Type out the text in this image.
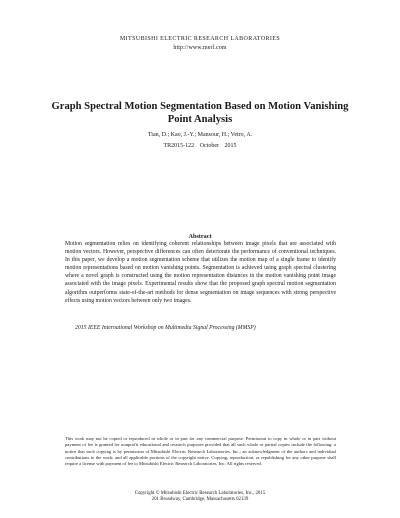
MITSUBISHI ELECTRIC RESEARCH LABORATORIES
http://www.merl.com
Graph Spectral Motion Segmentation Based on Motion Vanishing Point Analysis
Tian, D.; Kao, J.-Y.; Mansour, H.; Vetro, A.
TR2015-122 October 2015
Abstract

Motion segmentation relies on identifying coherent relationships between image pixels that are associated with motion vectors. However, perspective differences can often deteriorate the performance of conventional techniques. In this paper, we develop a motion segmentation scheme that utilizes the motion map of a single frame to identify motion representations based on motion vanishing points. Segmentation is achieved using graph spectral clustering where a novel graph is constructed using the motion representation distances in the motion vanishing point image associated with the image pixels. Experimental results show that the proposed graph spectral motion segmentation algorithm outperforms state-of-the-art methods for dense segmentation on image sequences with strong perspective effects using motion vectors between only two images.

2015 IEEE International Workshop on Multimedia Signal Processing (MMSP)

This work may not be copied or reproduced in whole or in part for any commercial purpose. Permission to copy in whole or in part without payment of fee is granted for nonprofit educational and research purposes provided that all such whole or partial copies include the following: a notice that such copying is by permission of Mitsubishi Electric Research Laboratories, Inc.; an acknowledgment of the authors and individual contributions to the work; and all applicable portions of the copyright notice. Copying, reproduction, or republishing for any other purpose shall require a license with payment of fee to Mitsubishi Electric Research Laboratories, Inc. All rights reserved.

Copyright © Mitsubishi Electric Research Laboratories, Inc., 2015
201 Broadway, Cambridge, Massachusetts 02139
